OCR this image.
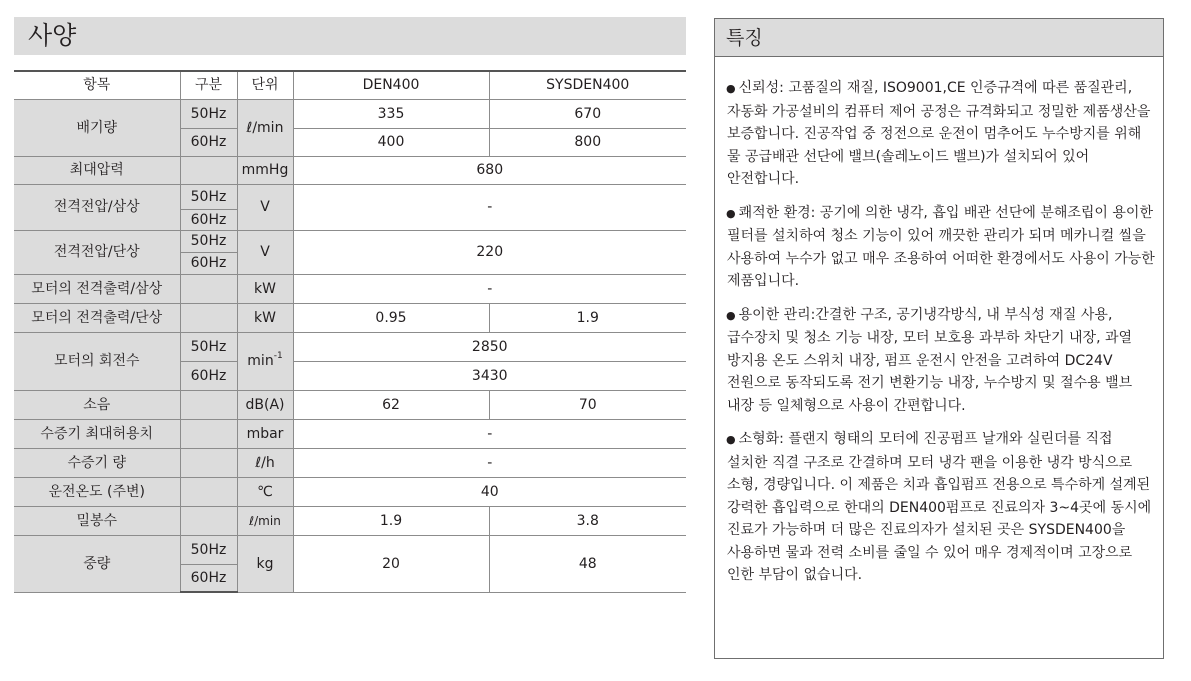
사양
항목	구분	단위	DEN400	SYSDEN400
배기량	50Hz	ℓ/min	335	670
	60Hz		400	800
최대압력		mmHg	680	
전격전압/삼상	50Hz	V	-	
	60Hz			
전격전압/단상	50Hz	V	220	
	60Hz			
모터의 전격출력/삼상		kW	-	
모터의 전격출력/단상		kW	0.95	1.9
모터의 회전수	50Hz	$\min^{-1}$	2850	
	60Hz		3430	
소음		dB(A)	62	70
수증기 최대허용치		mbar	-	
수증기 량		ℓ/h	-	
운전온도 (주변)		℃	40	
밀봉수		ℓ/min	1.9	3.8
중량	50Hz	kg	20	48
	60Hz			
특징

● 신뢰성: 고품질의 재질, ISO9001,CE 인증규격에 따른 품질관리,자동화 가공설비의 컴퓨터 제어 공정은 규격화되고 정밀한 제품생산을 보증합니다. 진공작업 중 정전으로 운전이 멈추어도 누수방지를 위해 물 공급배관 선단에 밸브(솔레노이드 밸브)가 설치되어 있어 안전합니다.

● 쾌적한 환경: 공기에 의한 냉각, 흡입 배관 선단에 분해조립이 용이한 필터를 설치하여 청소 기능이 있어 깨끗한 관리가 되며 메카니컬 씰을 사용하여 누수가 없고 매우 조용하여 어떠한 환경에서도 사용이 가능한 제품입니다.

● 용이한 관리:간결한 구조, 공기냉각방식, 내 부식성 재질 사용, 급수장치 및 청소 기능 내장, 모터 보호용 과부하 차단기 내장, 과열 방지용 온도 스위치 내장, 펌프 운전시 안전을 고려하여 DC24V 전원으로 동작되도록 전기 변환기능 내장, 누수방지 및 절수용 밸브 내장 등 일체형으로 사용이 간편합니다.

● 소형화: 플랜지 형태의 모터에 진공펌프 날개와 실린더를 직접 설치한 직결 구조로 간결하며 모터 냉각 팬을 이용한 냉각 방식으로 소형, 경량입니다. 이 제품은 치과 흡입펌프 전용으로 특수하게 설계된 강력한 흡입력으로 한대의 DEN400펌프로 진료의자 3~4곳에 동시에 진료가 가능하며 더 많은 진료의자가 설치된 곳은 SYSDEN400을 사용하면 물과 전력 소비를 줄일 수 있어 매우 경제적이며 고장으로 인한 부담이 없습니다.
